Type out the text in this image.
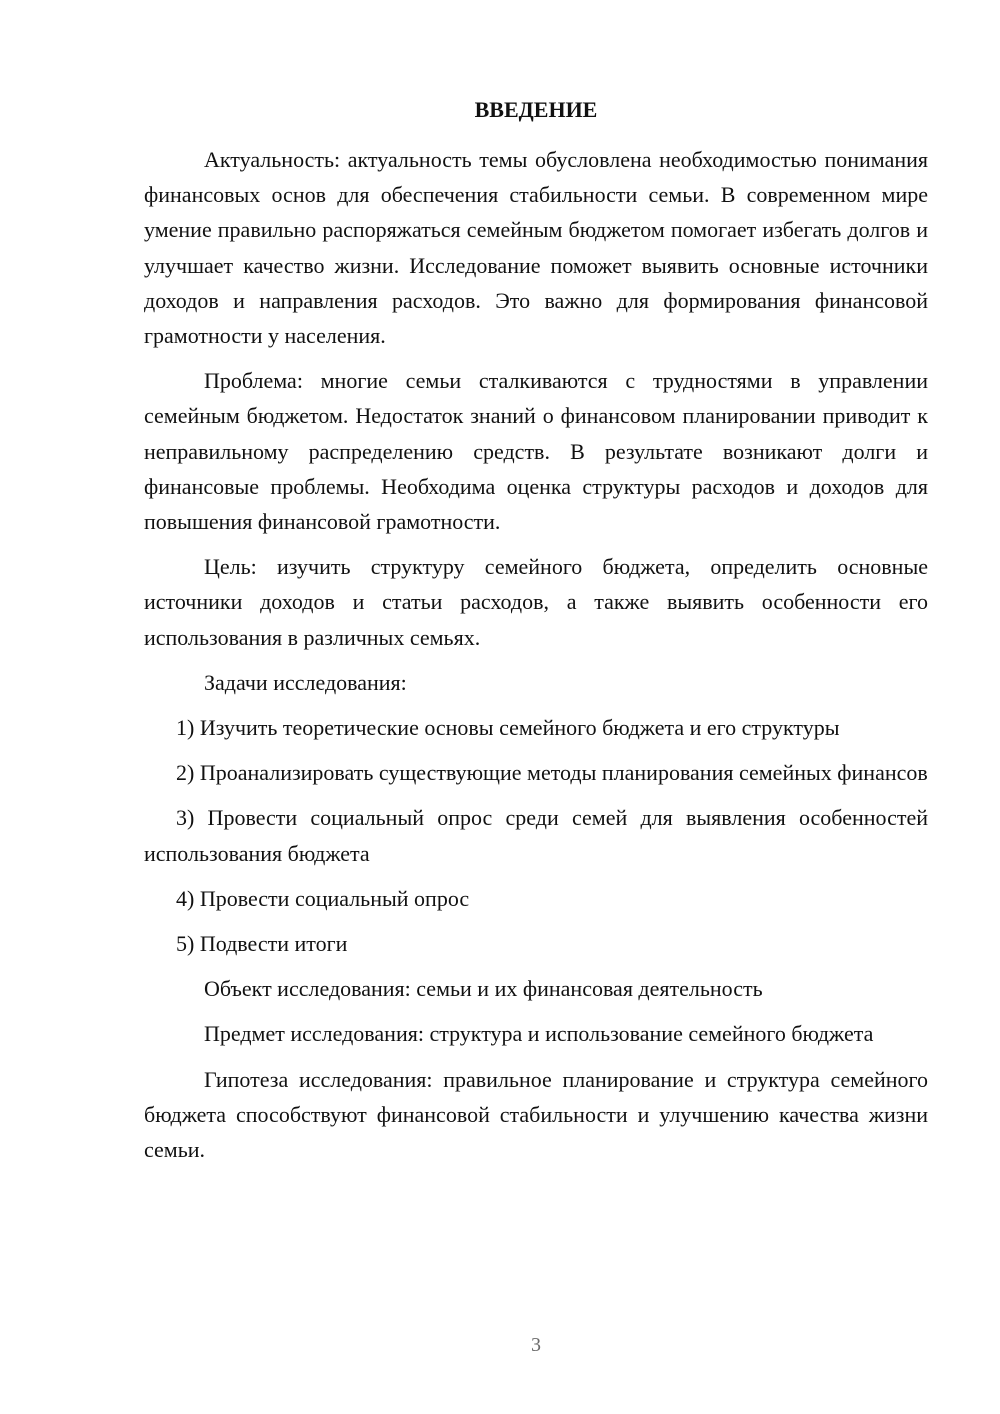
ВВЕДЕНИЕ

Актуальность: актуальность темы обусловлена необходимостью понимания финансовых основ для обеспечения стабильности семьи. В современном мире умение правильно распоряжаться семейным бюджетом помогает избегать долгов и улучшает качество жизни. Исследование поможет выявить основные источники доходов и направления расходов. Это важно для формирования финансовой грамотности у населения.

Проблема: многие семьи сталкиваются с трудностями в управлении семейным бюджетом. Недостаток знаний о финансовом планировании приводит к неправильному распределению средств. В результате возникают долги и финансовые проблемы. Необходима оценка структуры расходов и доходов для повышения финансовой грамотности.

Цель: изучить структуру семейного бюджета, определить основные источники доходов и статьи расходов, а также выявить особенности его использования в различных семьях.

Задачи исследования:

1) Изучить теоретические основы семейного бюджета и его структуры

2) Проанализировать существующие методы планирования семейных финансов

3) Провести социальный опрос среди семей для выявления особенностей использования бюджета

4) Провести социальный опрос

5) Подвести итоги

Объект исследования: семьи и их финансовая деятельность

Предмет исследования: структура и использование семейного бюджета

Гипотеза исследования: правильное планирование и структура семейного бюджета способствуют финансовой стабильности и улучшению качества жизни семьи.

3
